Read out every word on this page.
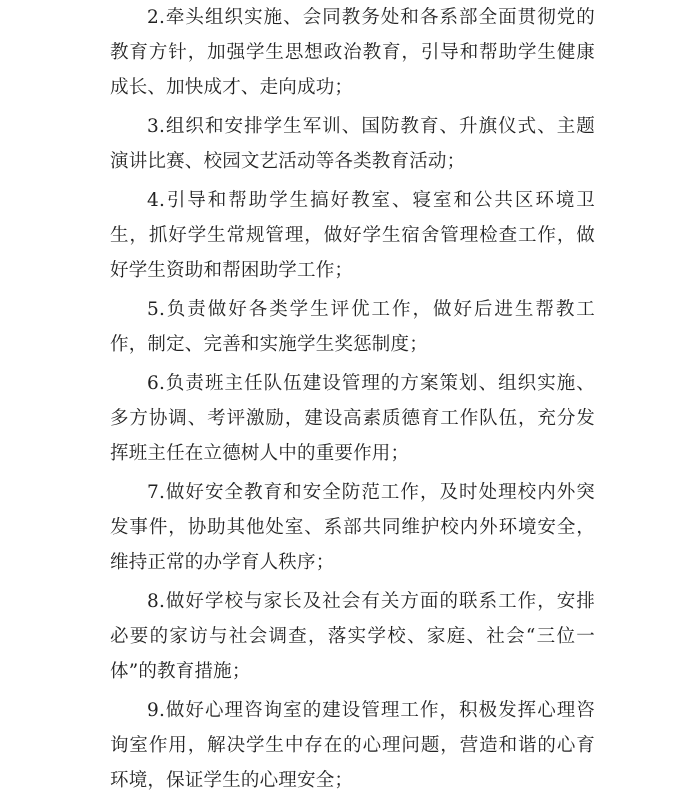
2.牵头组织实施、会同教务处和各系部全面贯彻党的教育方针，加强学生思想政治教育，引导和帮助学生健康成长、加快成才、走向成功；

3.组织和安排学生军训、国防教育、升旗仪式、主题演讲比赛、校园文艺活动等各类教育活动；

4.引导和帮助学生搞好教室、寝室和公共区环境卫生，抓好学生常规管理，做好学生宿舍管理检查工作，做好学生资助和帮困助学工作；

5.负责做好各类学生评优工作，做好后进生帮教工作，制定、完善和实施学生奖惩制度；

6.负责班主任队伍建设管理的方案策划、组织实施、多方协调、考评激励，建设高素质德育工作队伍，充分发挥班主任在立德树人中的重要作用；

7.做好安全教育和安全防范工作，及时处理校内外突发事件，协助其他处室、系部共同维护校内外环境安全，维持正常的办学育人秩序；

8.做好学校与家长及社会有关方面的联系工作，安排必要的家访与社会调查，落实学校、家庭、社会“三位一体”的教育措施；

9.做好心理咨询室的建设管理工作，积极发挥心理咨询室作用，解决学生中存在的心理问题，营造和谐的心育环境，保证学生的心理安全；
